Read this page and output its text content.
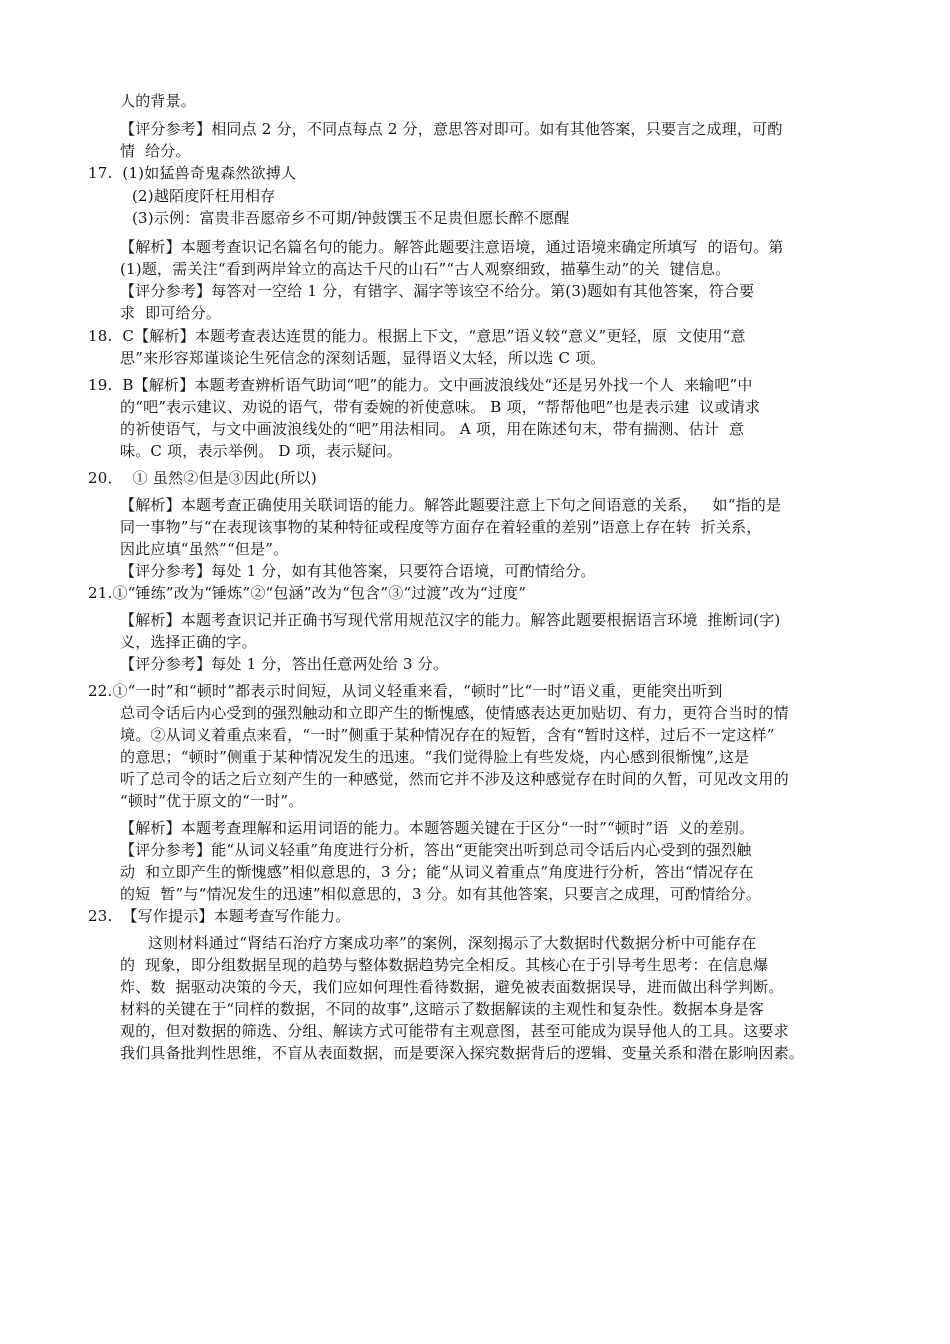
人的背景。
【评分参考】相同点 2 分，不同点每点 2 分，意思答对即可。如有其他答案，只要言之成理，可酌
情  给分。
17.  (1)如猛兽奇鬼森然欲搏人
(2)越陌度阡枉用相存
(3)示例：富贵非吾愿帝乡不可期/钟鼓馔玉不足贵但愿长醉不愿醒
【解析】本题考查识记名篇名句的能力。解答此题要注意语境，通过语境来确定所填写  的语句。第
(1)题，需关注“看到两岸耸立的高达千尺的山石”“古人观察细致，描摹生动”的关  键信息。
【评分参考】每答对一空给 1 分，有错字、漏字等该空不给分。第(3)题如有其他答案，符合要
求  即可给分。
18.  C【解析】本题考查表达连贯的能力。根据上下文，“意思”语义较“意义”更轻，原  文使用“意
思”来形容郑谨谈论生死信念的深刻话题，显得语义太轻，所以选 C 项。
19.  B【解析】本题考查辨析语气助词“吧”的能力。文中画波浪线处“还是另外找一个人  来输吧”中
的“吧”表示建议、劝说的语气，带有委婉的祈使意味。 B 项，“帮帮他吧”也是表示建  议或请求
的祈使语气，与文中画波浪线处的“吧”用法相同。 A 项，用在陈述句末，带有揣测、估计  意
味。C 项，表示举例。 D 项，表示疑问。
20．  ① 虽然②但是③因此(所以)
【解析】本题考查正确使用关联词语的能力。解答此题要注意上下句之间语意的关系，   如“指的是
同一事物”与“在表现该事物的某种特征或程度等方面存在着轻重的差别”语意上存在转  折关系，
因此应填“虽然”“但是”。
【评分参考】每处 1 分，如有其他答案，只要符合语境，可酌情给分。
21.①“锤练”改为“锤炼”②“包涵”改为“包含”③“过渡”改为“过度”
【解析】本题考查识记并正确书写现代常用规范汉字的能力。解答此题要根据语言环境  推断词(字)
义，选择正确的字。
【评分参考】每处 1 分，答出任意两处给 3 分。
22.①“一时”和“顿时”都表示时间短，从词义轻重来看，“顿时”比“一时”语义重，更能突出听到
总司令话后内心受到的强烈触动和立即产生的惭愧感，使情感表达更加贴切、有力，更符合当时的情
境。②从词义着重点来看，“一时”侧重于某种情况存在的短暂，含有“暂时这样，过后不一定这样”
的意思；“顿时”侧重于某种情况发生的迅速。“我们觉得脸上有些发烧，内心感到很惭愧”,这是
听了总司令的话之后立刻产生的一种感觉，然而它并不涉及这种感觉存在时间的久暂，可见改文用的
“顿时”优于原文的“一时”。
【解析】本题考查理解和运用词语的能力。本题答题关键在于区分“一时”“顿时”语  义的差别。
【评分参考】能“从词义轻重”角度进行分析，答出“更能突出听到总司令话后内心受到的强烈触
动  和立即产生的惭愧感”相似意思的，3 分；能“从词义着重点”角度进行分析，答出“情况存在
的短  暂”与“情况发生的迅速”相似意思的，3 分。如有其他答案，只要言之成理，可酌情给分。
23.  【写作提示】本题考查写作能力。
这则材料通过“肾结石治疗方案成功率”的案例，深刻揭示了大数据时代数据分析中可能存在
的  现象，即分组数据呈现的趋势与整体数据趋势完全相反。其核心在于引导考生思考：在信息爆
炸、数  据驱动决策的今天，我们应如何理性看待数据，避免被表面数据误导，进而做出科学判断。
材料的关键在于“同样的数据，不同的故事”,这暗示了数据解读的主观性和复杂性。数据本身是客
观的，但对数据的筛选、分组、解读方式可能带有主观意图，甚至可能成为误导他人的工具。这要求
我们具备批判性思维，不盲从表面数据，而是要深入探究数据背后的逻辑、变量关系和潜在影响因素。
